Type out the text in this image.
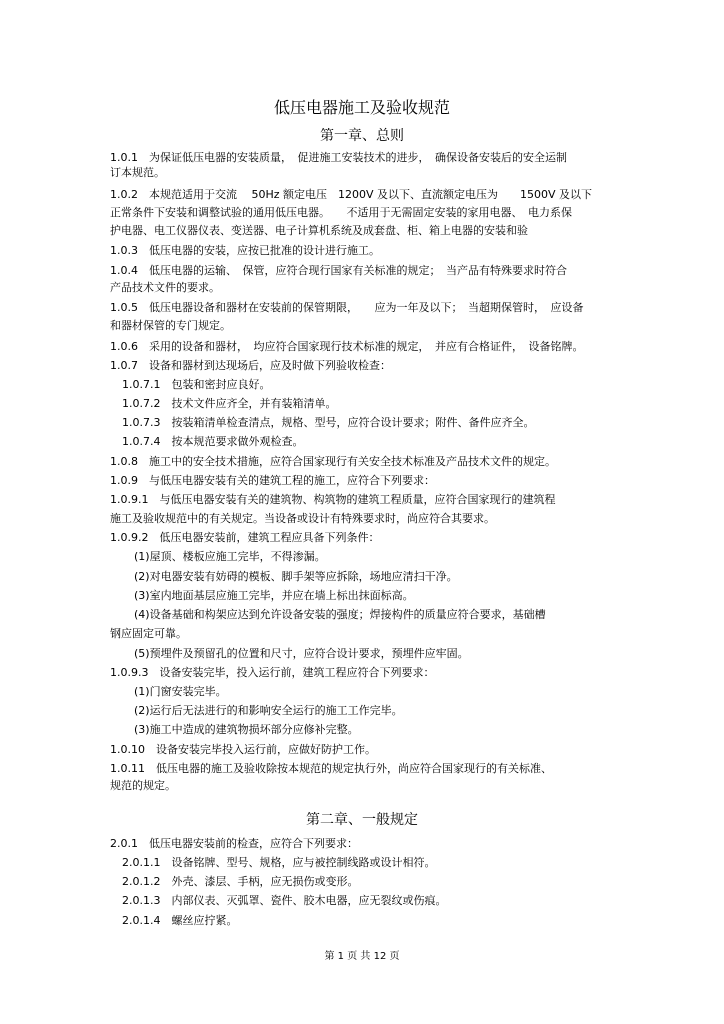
低压电器施工及验收规范
第一章、总则
1.0.1　为保证低压电器的安装质量，　促进施工安装技术的进步，　确保设备安装后的安全运制
订本规范。
1.0.2　本规范适用于交流　 50Hz 额定电压　1200V 及以下、直流额定电压为　　1500V 及以下
正常条件下安装和调整试验的通用低压电器。　　不适用于无需固定安装的家用电器、　电力系保
护电器、电工仪器仪表、变送器、电子计算机系统及成套盘、柜、箱上电器的安装和验
1.0.3　低压电器的安装，应按已批准的设计进行施工。
1.0.4　低压电器的运输、　保管，应符合现行国家有关标准的规定；　当产品有特殊要求时符合
产品技术文件的要求。
1.0.5　低压电器设备和器材在安装前的保管期限，　　应为一年及以下；　当超期保管时，　应设备
和器材保管的专门规定。
1.0.6　采用的设备和器材，　均应符合国家现行技术标准的规定，　并应有合格证件，　设备铭牌。
1.0.7　设备和器材到达现场后，应及时做下列验收检查：
1.0.7.1　包装和密封应良好。
1.0.7.2　技术文件应齐全，并有装箱清单。
1.0.7.3　按装箱清单检查清点，规格、型号，应符合设计要求；附件、备件应齐全。
1.0.7.4　按本规范要求做外观检查。
1.0.8　施工中的安全技术措施，应符合国家现行有关安全技术标准及产品技术文件的规定。
1.0.9　与低压电器安装有关的建筑工程的施工，应符合下列要求：
1.0.9.1　与低压电器安装有关的建筑物、构筑物的建筑工程质量，应符合国家现行的建筑程
施工及验收规范中的有关规定。当设备或设计有特殊要求时，尚应符合其要求。
1.0.9.2　低压电器安装前，建筑工程应具备下列条件：
(1)屋顶、楼板应施工完毕，不得渗漏。
(2)对电器安装有妨碍的模板、脚手架等应拆除，场地应清扫干净。
(3)室内地面基层应施工完毕，并应在墙上标出抹面标高。
(4)设备基础和构架应达到允许设备安装的强度；焊接构件的质量应符合要求，基础槽
钢应固定可靠。
(5)预埋件及预留孔的位置和尺寸，应符合设计要求，预埋件应牢固。
1.0.9.3　设备安装完毕，投入运行前，建筑工程应符合下列要求：
(1)门窗安装完毕。
(2)运行后无法进行的和影响安全运行的施工工作完毕。
(3)施工中造成的建筑物损坏部分应修补完整。
1.0.10　设备安装完毕投入运行前，应做好防护工作。
1.0.11　低压电器的施工及验收除按本规范的规定执行外，尚应符合国家现行的有关标准、
规范的规定。
第二章、一般规定
2.0.1　低压电器安装前的检查，应符合下列要求：
2.0.1.1　设备铭牌、型号、规格，应与被控制线路或设计相符。
2.0.1.2　外壳、漆层、手柄，应无损伤或变形。
2.0.1.3　内部仪表、灭弧罩、瓷件、胶木电器，应无裂纹或伤痕。
2.0.1.4　螺丝应拧紧。
第 1 页 共 12 页
